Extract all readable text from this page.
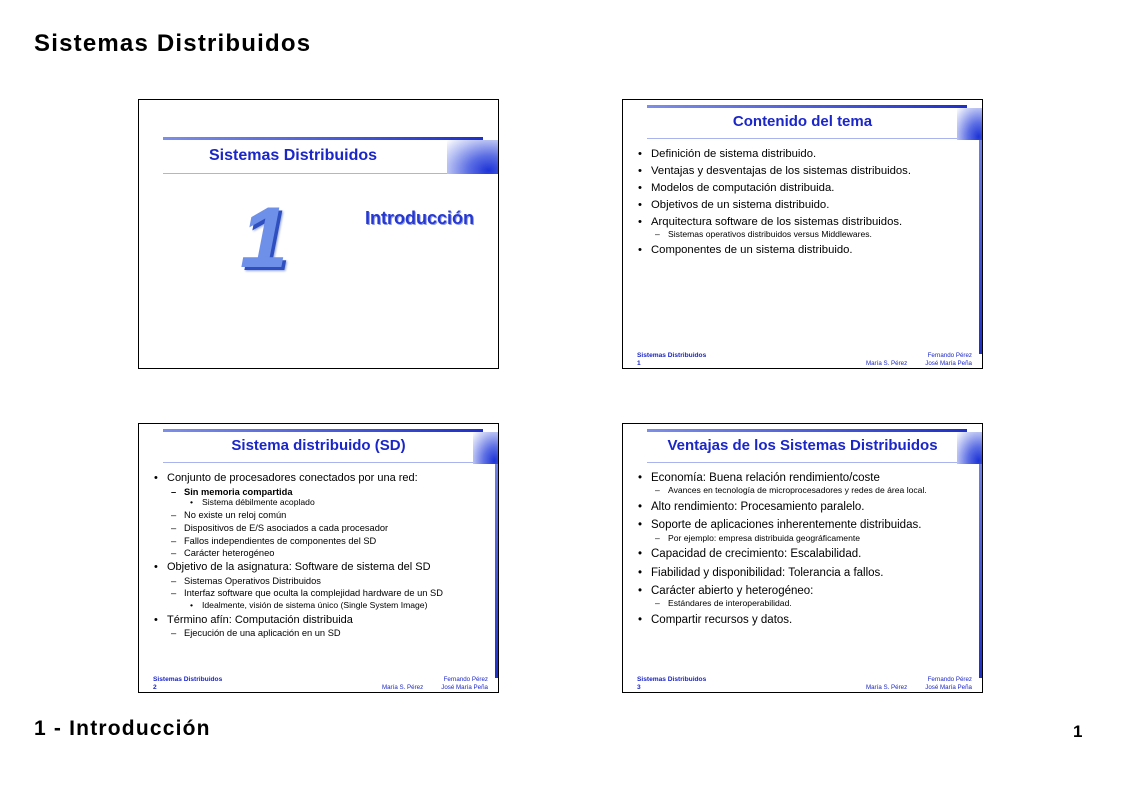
Sistemas Distribuidos
Sistemas Distribuidos
1	Introducción
Contenido del tema
• Definición de sistema distribuido.
• Ventajas y desventajas de los sistemas distribuidos.
• Modelos de computación distribuida.
• Objetivos de un sistema distribuido.
• Arquitectura software de los sistemas distribuidos.
– Sistemas operativos distribuidos versus Middlewares.
• Componentes de un sistema distribuido.
Sistemas Distribuidos
1
Fernando Pérez
María S. Pérez	José María Peña
Sistema distribuido (SD)
• Conjunto de procesadores conectados por una red:
– Sin memoria compartida
• Sistema débilmente acoplado
– No existe un reloj común
– Dispositivos de E/S asociados a cada procesador
– Fallos independientes de componentes del SD
– Carácter heterogéneo
• Objetivo de la asignatura: Software de sistema del SD
– Sistemas Operativos Distribuidos
– Interfaz software que oculta la complejidad hardware de un SD
• Idealmente, visión de sistema único (Single System Image)
• Término afín: Computación distribuida
– Ejecución de una aplicación en un SD
Sistemas Distribuidos
2
Fernando Pérez
María S. Pérez	José María Peña
Ventajas de los Sistemas Distribuidos
• Economía: Buena relación rendimiento/coste
– Avances en tecnología de microprocesadores y redes de área local.
• Alto rendimiento: Procesamiento paralelo.
• Soporte de aplicaciones inherentemente distribuidas.
– Por ejemplo: empresa distribuida geográficamente
• Capacidad de crecimiento: Escalabilidad.
• Fiabilidad y disponibilidad: Tolerancia a fallos.
• Carácter abierto y heterogéneo:
– Estándares de interoperabilidad.
• Compartir recursos y datos.
Sistemas Distribuidos
3
Fernando Pérez
María S. Pérez	José María Peña
1 - Introducción	1
